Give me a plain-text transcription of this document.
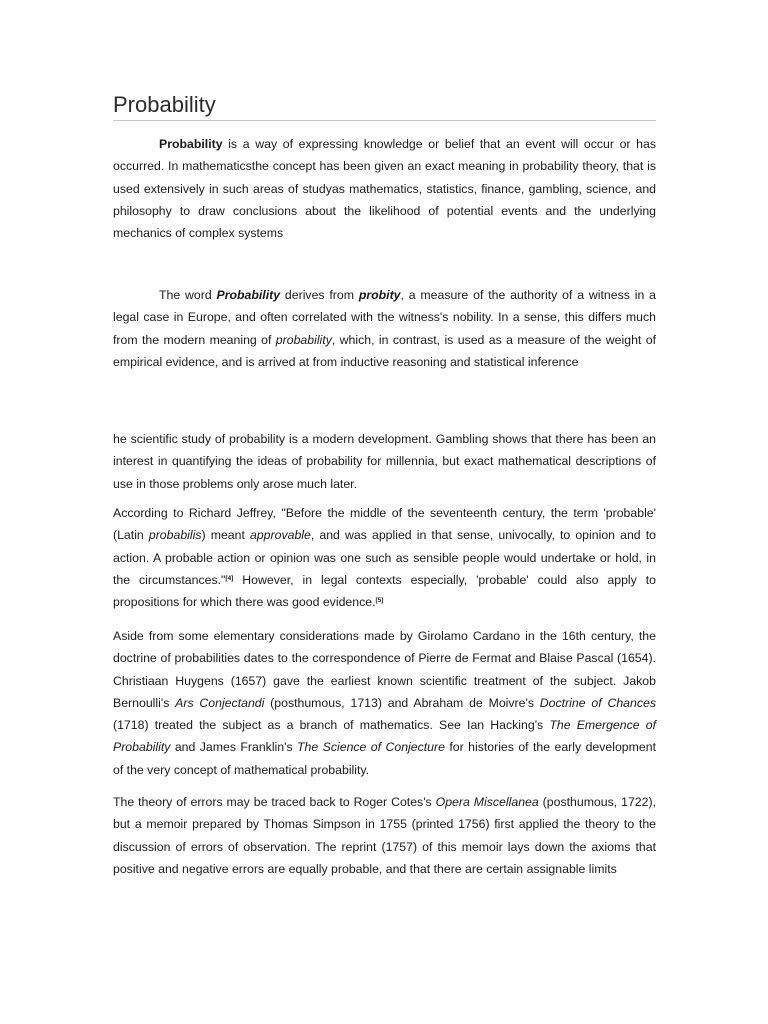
Probability

Probability is a way of expressing knowledge or belief that an event will occur or has occurred. In mathematicsthe concept has been given an exact meaning in probability theory, that is used extensively in such areas of studyas mathematics, statistics, finance, gambling, science, and philosophy to draw conclusions about the likelihood of potential events and the underlying mechanics of complex systems

The word Probability derives from probity, a measure of the authority of a witness in a legal case in Europe, and often correlated with the witness's nobility. In a sense, this differs much from the modern meaning of probability, which, in contrast, is used as a measure of the weight of empirical evidence, and is arrived at from inductive reasoning and statistical inference

he scientific study of probability is a modern development. Gambling shows that there has been an interest in quantifying the ideas of probability for millennia, but exact mathematical descriptions of use in those problems only arose much later.

According to Richard Jeffrey, "Before the middle of the seventeenth century, the term 'probable' (Latin probabilis) meant approvable, and was applied in that sense, univocally, to opinion and to action. A probable action or opinion was one such as sensible people would undertake or hold, in the circumstances."[4] However, in legal contexts especially, 'probable' could also apply to propositions for which there was good evidence.[5]

Aside from some elementary considerations made by Girolamo Cardano in the 16th century, the doctrine of probabilities dates to the correspondence of Pierre de Fermat and Blaise Pascal (1654). Christiaan Huygens (1657) gave the earliest known scientific treatment of the subject. Jakob Bernoulli's Ars Conjectandi (posthumous, 1713) and Abraham de Moivre's Doctrine of Chances (1718) treated the subject as a branch of mathematics. See Ian Hacking's The Emergence of Probability and James Franklin's The Science of Conjecture for histories of the early development of the very concept of mathematical probability.

The theory of errors may be traced back to Roger Cotes's Opera Miscellanea (posthumous, 1722), but a memoir prepared by Thomas Simpson in 1755 (printed 1756) first applied the theory to the discussion of errors of observation. The reprint (1757) of this memoir lays down the axioms that positive and negative errors are equally probable, and that there are certain assignable limits
